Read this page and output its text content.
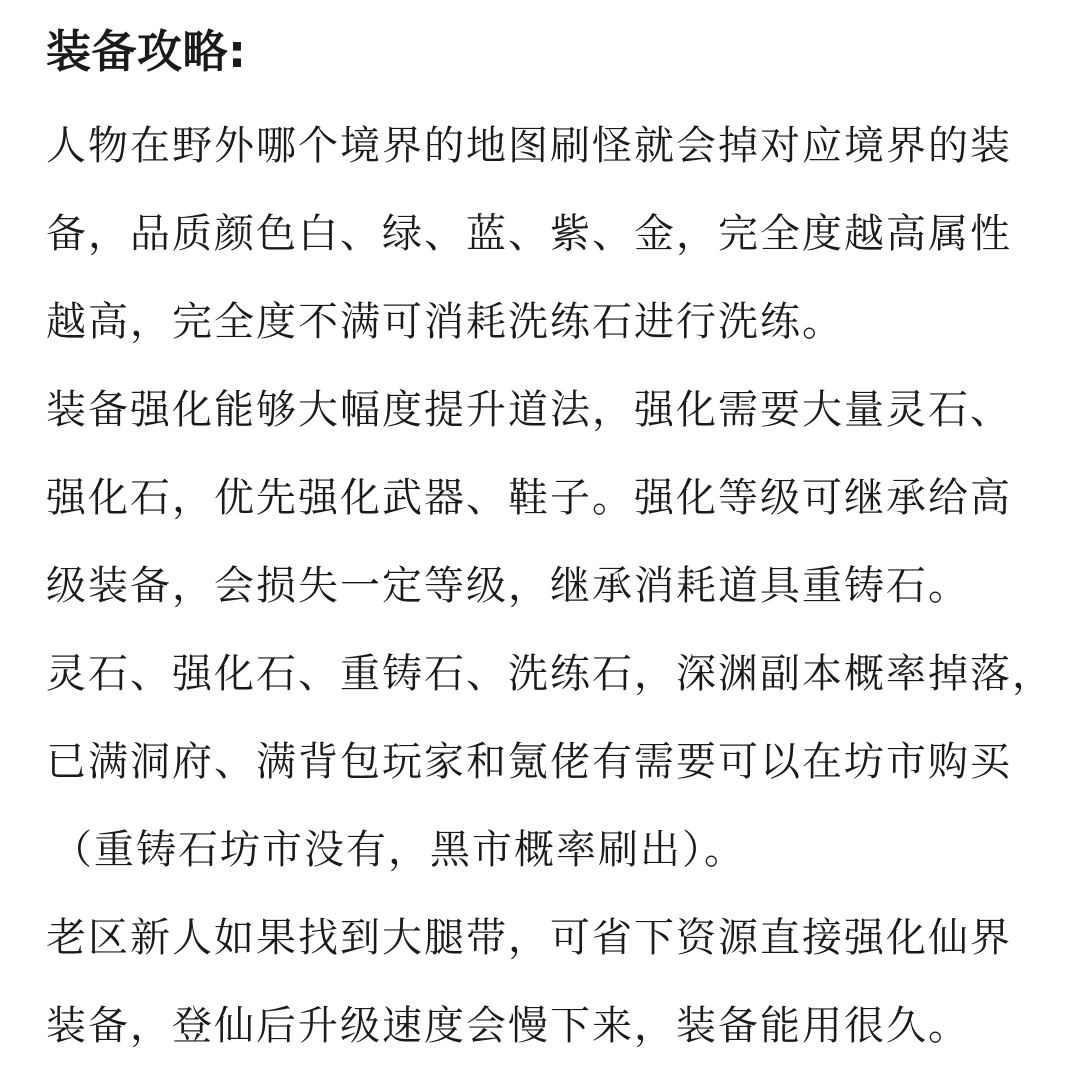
装备攻略:
人物在野外哪个境界的地图刷怪就会掉对应境界的装
备，品质颜色白、绿、蓝、紫、金，完全度越高属性
越高，完全度不满可消耗洗练石进行洗练。
装备强化能够大幅度提升道法，强化需要大量灵石、
强化石，优先强化武器、鞋子。强化等级可继承给高
级装备，会损失一定等级，继承消耗道具重铸石。
灵石、强化石、重铸石、洗练石，深渊副本概率掉落，
已满洞府、满背包玩家和氪佬有需要可以在坊市购买
（重铸石坊市没有，黑市概率刷出）。
老区新人如果找到大腿带，可省下资源直接强化仙界
装备，登仙后升级速度会慢下来，装备能用很久。
